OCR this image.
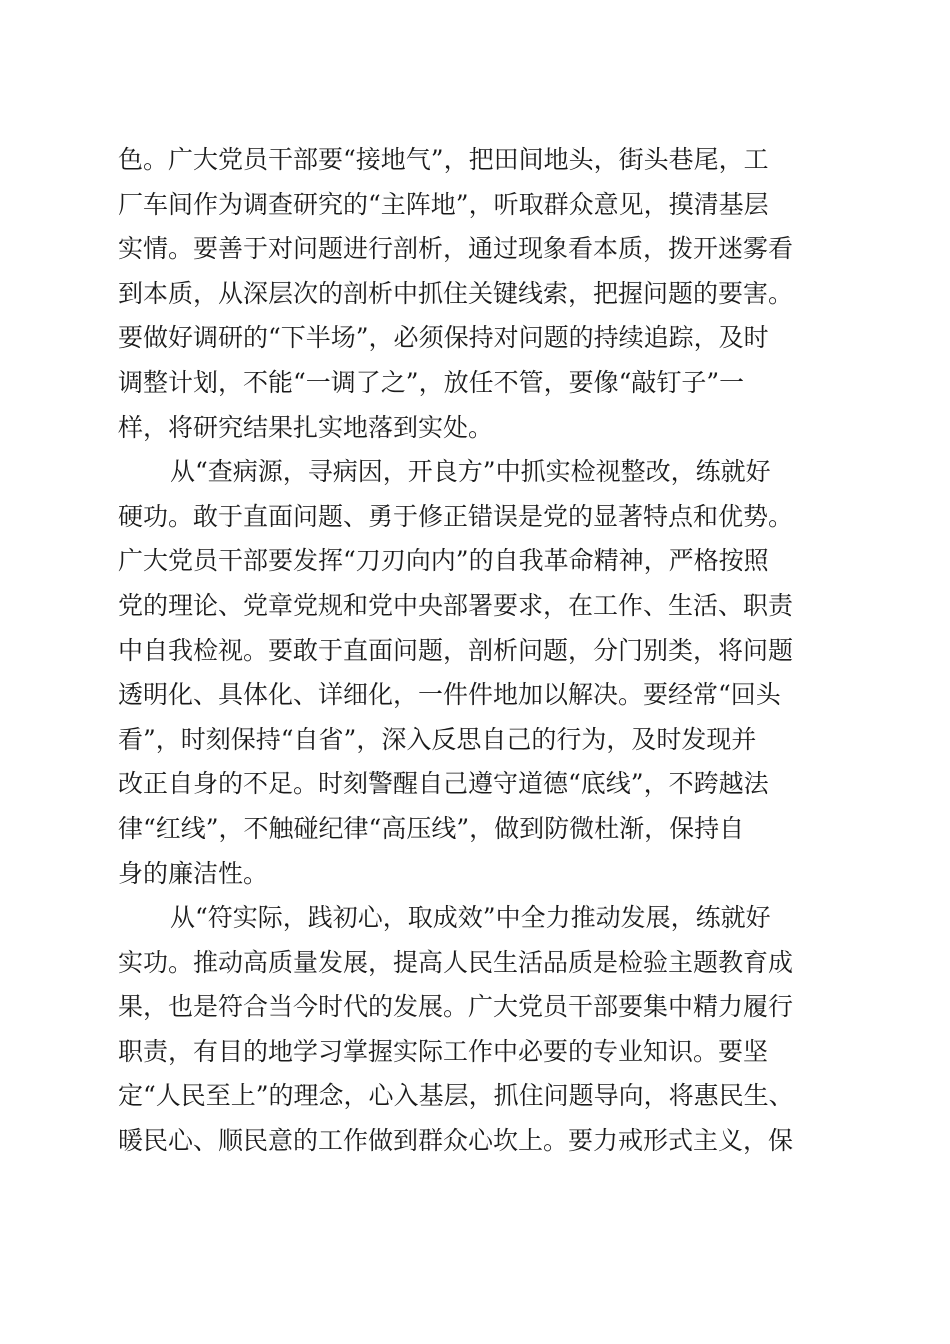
色。广大党员干部要“接地气”，把田间地头，街头巷尾，工
厂车间作为调查研究的“主阵地”，听取群众意见，摸清基层
实情。要善于对问题进行剖析，通过现象看本质，拨开迷雾看
到本质，从深层次的剖析中抓住关键线索，把握问题的要害。
要做好调研的“下半场”，必须保持对问题的持续追踪，及时
调整计划，不能“一调了之”，放任不管，要像“敲钉子”一
样，将研究结果扎实地落到实处。
从“查病源，寻病因，开良方”中抓实检视整改，练就好
硬功。敢于直面问题、勇于修正错误是党的显著特点和优势。
广大党员干部要发挥“刀刃向内”的自我革命精神，严格按照
党的理论、党章党规和党中央部署要求，在工作、生活、职责
中自我检视。要敢于直面问题，剖析问题，分门别类，将问题
透明化、具体化、详细化，一件件地加以解决。要经常“回头
看”，时刻保持“自省”，深入反思自己的行为，及时发现并
改正自身的不足。时刻警醒自己遵守道德“底线”，不跨越法
律“红线”，不触碰纪律“高压线”，做到防微杜渐，保持自
身的廉洁性。
从“符实际，践初心，取成效”中全力推动发展，练就好
实功。推动高质量发展，提高人民生活品质是检验主题教育成
果，也是符合当今时代的发展。广大党员干部要集中精力履行
职责，有目的地学习掌握实际工作中必要的专业知识。要坚
定“人民至上”的理念，心入基层，抓住问题导向，将惠民生、
暖民心、顺民意的工作做到群众心坎上。要力戒形式主义，保
